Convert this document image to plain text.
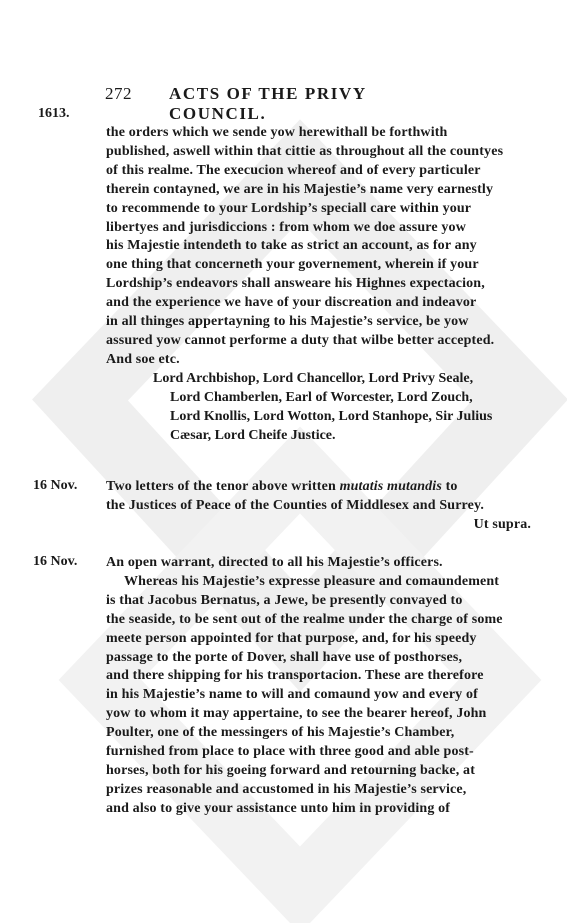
272 ACTS OF THE PRIVY COUNCIL.
1613.
the orders which we sende yow herewithall be forthwith
published, aswell within that cittie as throughout all the countyes
of this realme. The execucion whereof and of every particuler
therein contayned, we are in his Majestie’s name very earnestly
to recommende to your Lordship’s speciall care within your
libertyes and jurisdiccions : from whom we doe assure yow
his Majestie intendeth to take as strict an account, as for any
one thing that concerneth your governement, wherein if your
Lordship’s endeavors shall answeare his Highnes expectacion,
and the experience we have of your discreation and indeavor
in all thinges appertayning to his Majestie’s service, be yow
assured yow cannot performe a duty that wilbe better accepted.
And soe etc.
Lord Archbishop, Lord Chancellor, Lord Privy Seale,
Lord Chamberlen, Earl of Worcester, Lord Zouch,
Lord Knollis, Lord Wotton, Lord Stanhope, Sir Julius
Cæsar, Lord Cheife Justice.
16 Nov. Two letters of the tenor above written mutatis mutandis to
the Justices of Peace of the Counties of Middlesex and Surrey.
Ut supra.
16 Nov. An open warrant, directed to all his Majestie’s officers.
Whereas his Majestie’s expresse pleasure and comaundement
is that Jacobus Bernatus, a Jewe, be presently convayed to
the seaside, to be sent out of the realme under the charge of some
meete person appointed for that purpose, and, for his speedy
passage to the porte of Dover, shall have use of posthorses,
and there shipping for his transportacion. These are therefore
in his Majestie’s name to will and comaund yow and every of
yow to whom it may appertaine, to see the bearer hereof, John
Poulter, one of the messingers of his Majestie’s Chamber,
furnished from place to place with three good and able post-
horses, both for his goeing forward and retourning backe, at
prizes reasonable and accustomed in his Majestie’s service,
and also to give your assistance unto him in providing of
